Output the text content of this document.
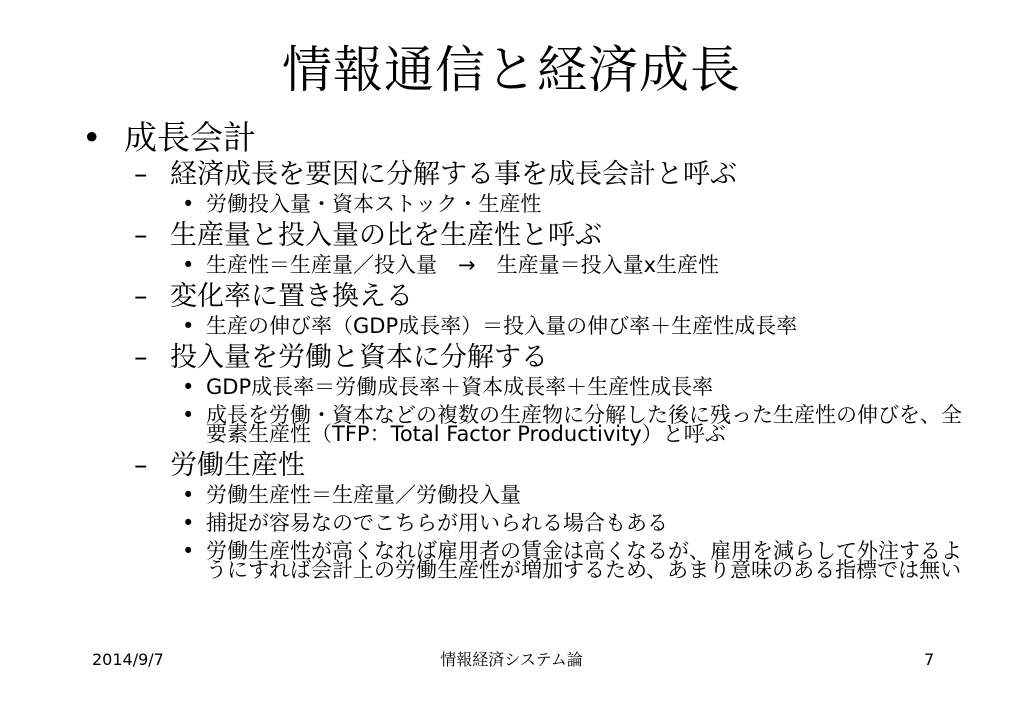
情報通信と経済成長
• 成長会計
– 経済成長を要因に分解する事を成長会計と呼ぶ
• 労働投入量・資本ストック・生産性
– 生産量と投入量の比を生産性と呼ぶ
• 生産性＝生産量／投入量　→　生産量＝投入量x生産性
– 変化率に置き換える
• 生産の伸び率（GDP成長率）＝投入量の伸び率＋生産性成長率
– 投入量を労働と資本に分解する
• GDP成長率＝労働成長率＋資本成長率＋生産性成長率
• 成長を労働・資本などの複数の生産物に分解した後に残った生産性の伸びを、全要素生産性（TFP：Total Factor Productivity）と呼ぶ
– 労働生産性
• 労働生産性＝生産量／労働投入量
• 捕捉が容易なのでこちらが用いられる場合もある
• 労働生産性が高くなれば雇用者の賃金は高くなるが、雇用を減らして外注するようにすれば会計上の労働生産性が増加するため、あまり意味のある指標では無い
2014/9/7	情報経済システム論	7
